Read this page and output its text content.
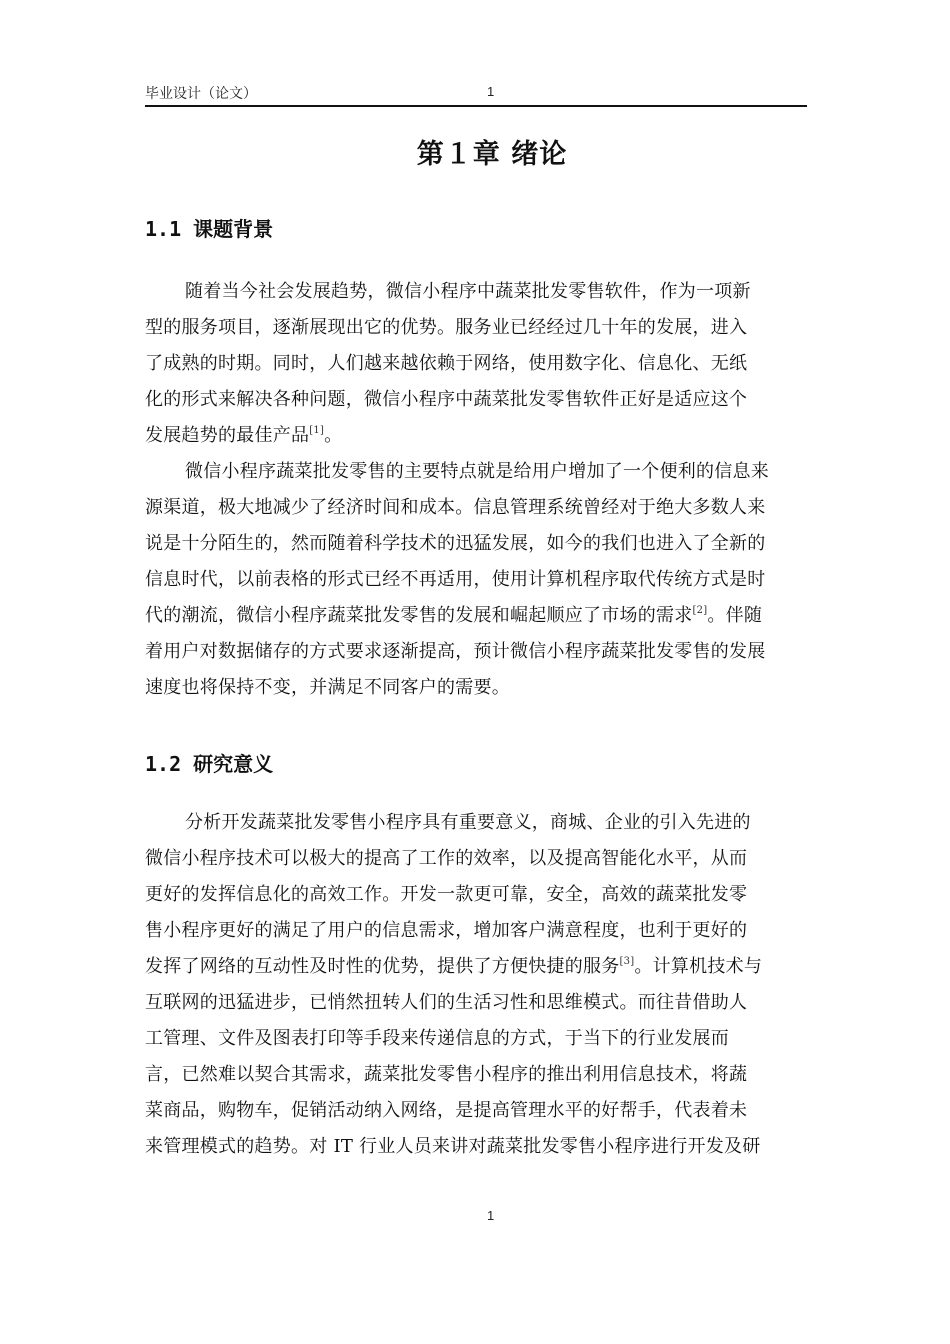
毕业设计（论文）	1
第１章 绪论
1.1 课题背景
随着当今社会发展趋势，微信小程序中蔬菜批发零售软件，作为一项新
型的服务项目，逐渐展现出它的优势。服务业已经经过几十年的发展，进入
了成熟的时期。同时，人们越来越依赖于网络，使用数字化、信息化、无纸
化的形式来解决各种问题，微信小程序中蔬菜批发零售软件正好是适应这个
发展趋势的最佳产品[1]。
微信小程序蔬菜批发零售的主要特点就是给用户增加了一个便利的信息来
源渠道，极大地减少了经济时间和成本。信息管理系统曾经对于绝大多数人来
说是十分陌生的，然而随着科学技术的迅猛发展，如今的我们也进入了全新的
信息时代，以前表格的形式已经不再适用，使用计算机程序取代传统方式是时
代的潮流，微信小程序蔬菜批发零售的发展和崛起顺应了市场的需求[2]。伴随
着用户对数据储存的方式要求逐渐提高，预计微信小程序蔬菜批发零售的发展
速度也将保持不变，并满足不同客户的需要。
1.2 研究意义
分析开发蔬菜批发零售小程序具有重要意义，商城、企业的引入先进的
微信小程序技术可以极大的提高了工作的效率，以及提高智能化水平，从而
更好的发挥信息化的高效工作。开发一款更可靠，安全，高效的蔬菜批发零
售小程序更好的满足了用户的信息需求，增加客户满意程度，也利于更好的
发挥了网络的互动性及时性的优势，提供了方便快捷的服务[3]。计算机技术与
互联网的迅猛进步，已悄然扭转人们的生活习性和思维模式。而往昔借助人
工管理、文件及图表打印等手段来传递信息的方式，于当下的行业发展而
言，已然难以契合其需求，蔬菜批发零售小程序的推出利用信息技术，将蔬
菜商品，购物车，促销活动纳入网络，是提高管理水平的好帮手，代表着未
来管理模式的趋势。对 IT 行业人员来讲对蔬菜批发零售小程序进行开发及研
1
